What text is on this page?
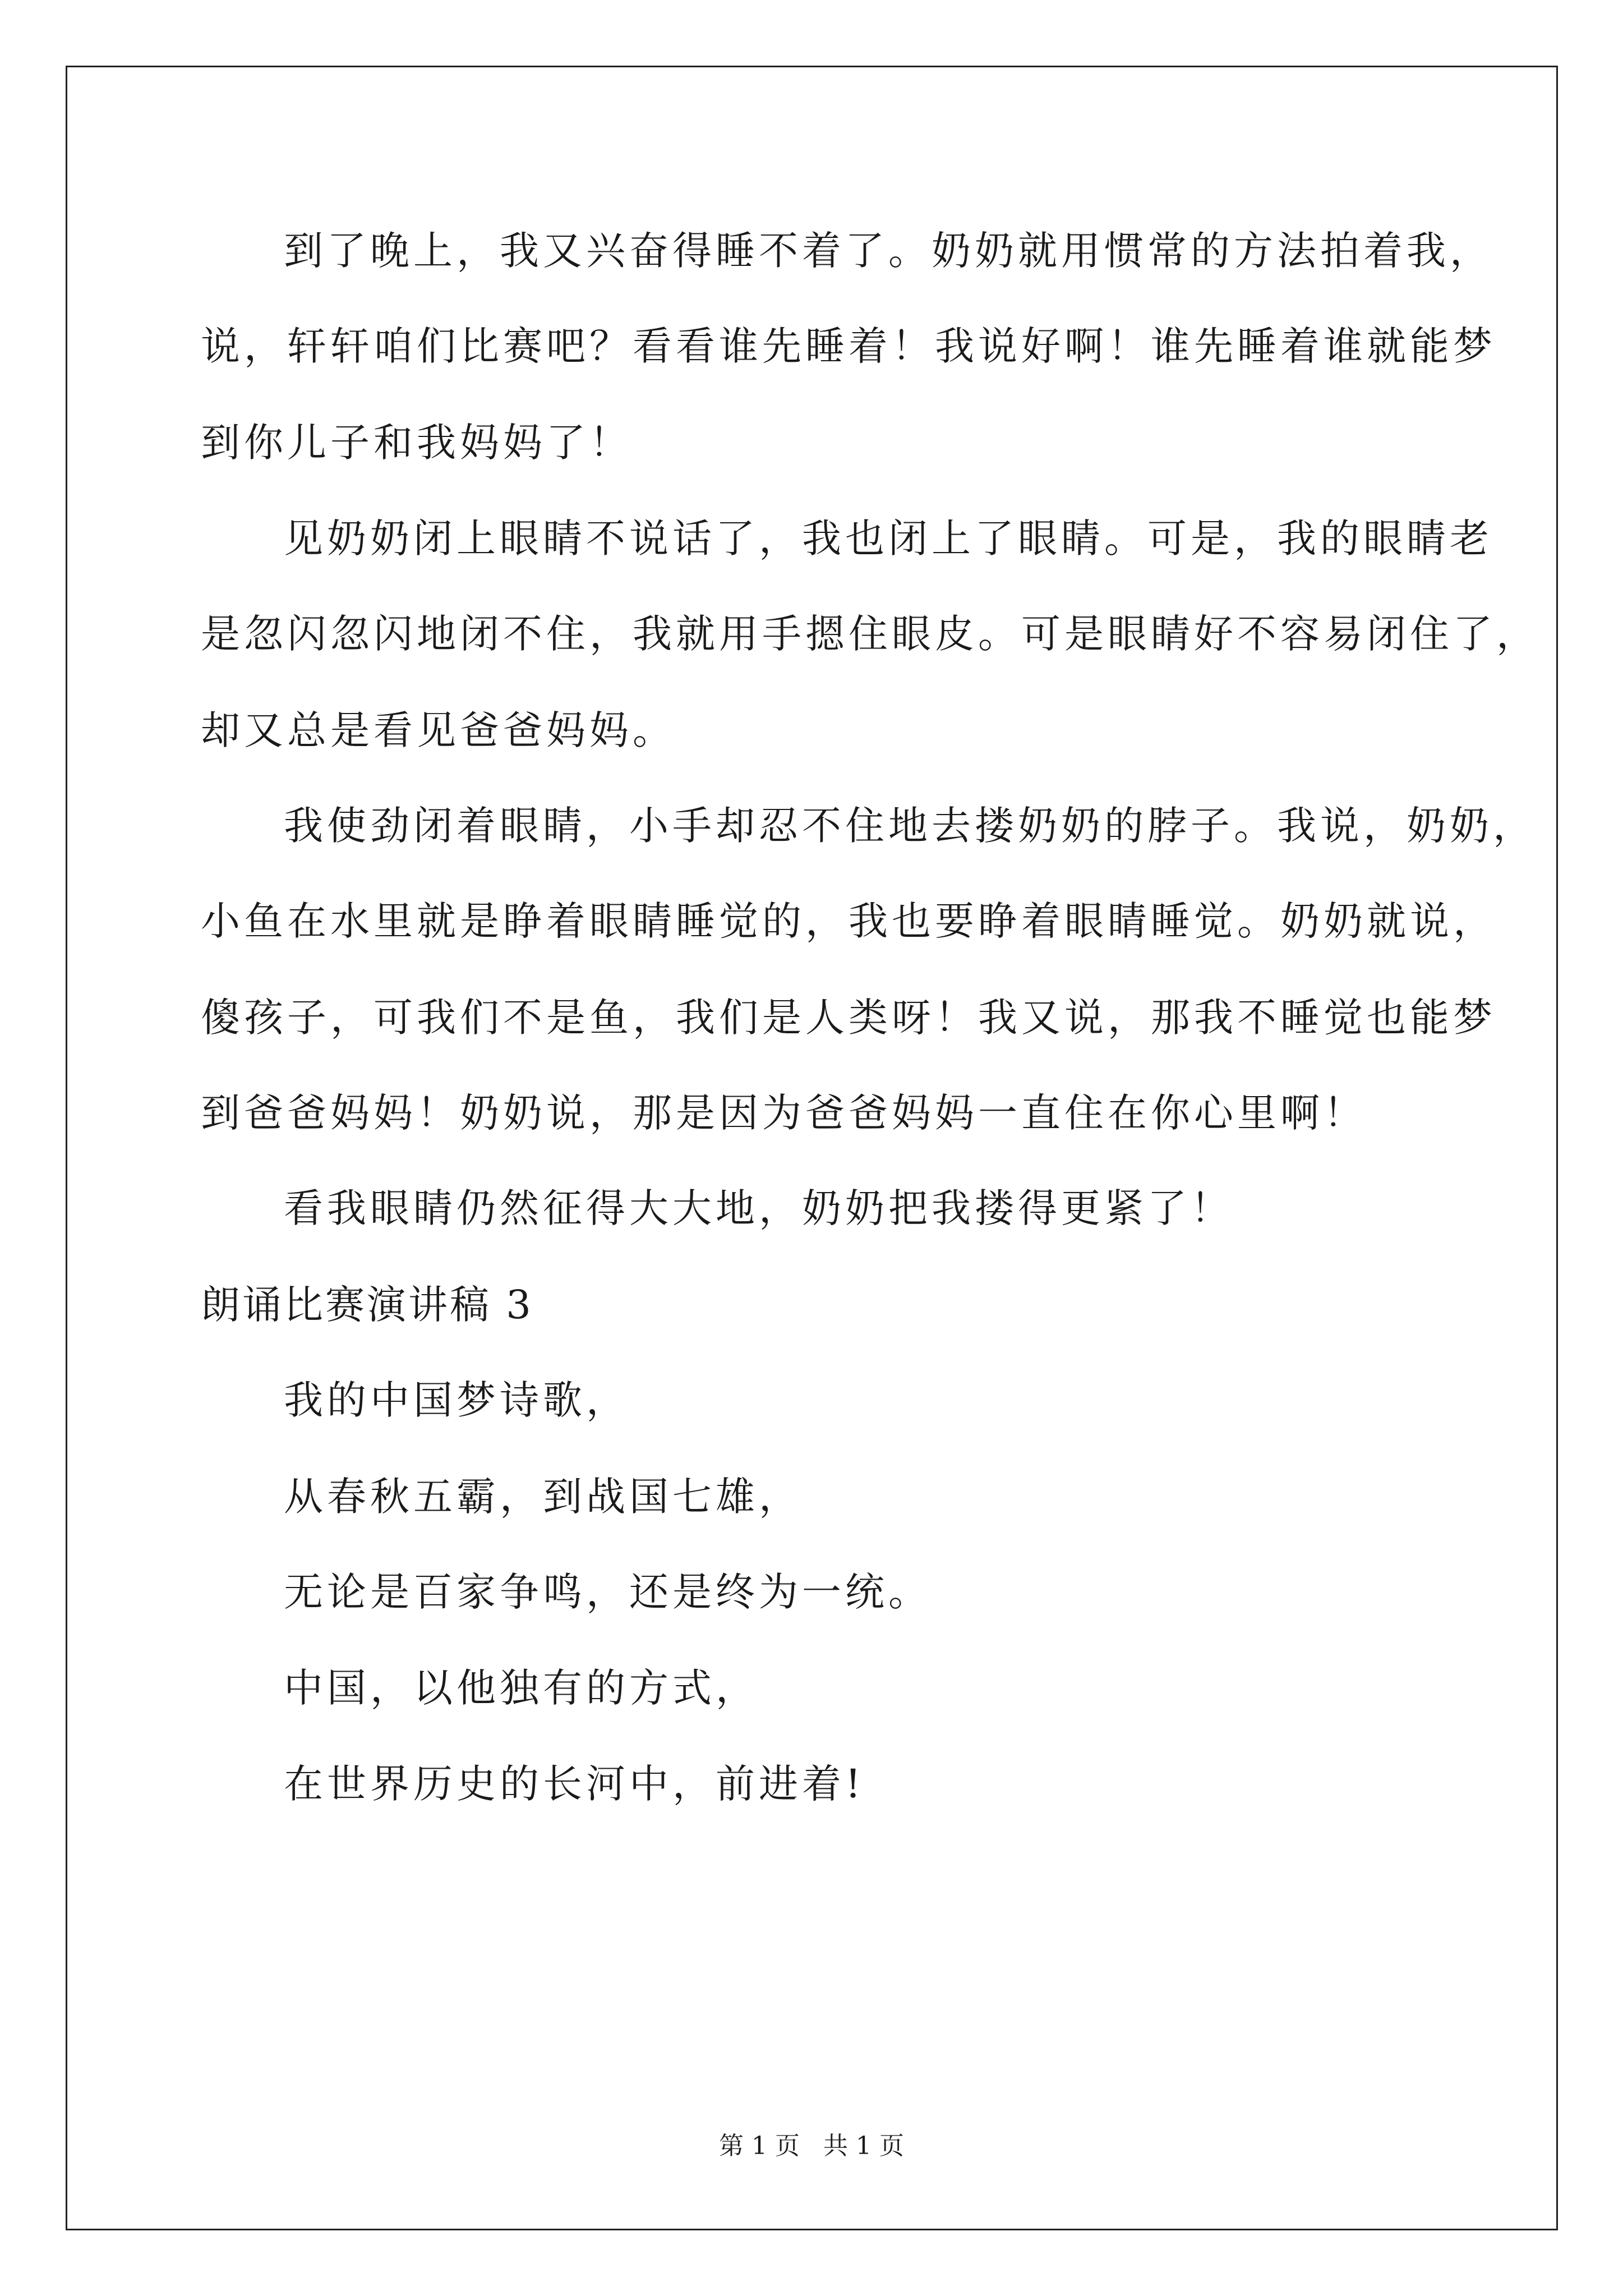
到了晚上，我又兴奋得睡不着了。奶奶就用惯常的方法拍着我，
说，轩轩咱们比赛吧？看看谁先睡着！我说好啊！谁先睡着谁就能梦
到你儿子和我妈妈了！
见奶奶闭上眼睛不说话了，我也闭上了眼睛。可是，我的眼睛老
是忽闪忽闪地闭不住，我就用手摁住眼皮。可是眼睛好不容易闭住了，
却又总是看见爸爸妈妈。
我使劲闭着眼睛，小手却忍不住地去搂奶奶的脖子。我说，奶奶，
小鱼在水里就是睁着眼睛睡觉的，我也要睁着眼睛睡觉。奶奶就说，
傻孩子，可我们不是鱼，我们是人类呀！我又说，那我不睡觉也能梦
到爸爸妈妈！奶奶说，那是因为爸爸妈妈一直住在你心里啊！
看我眼睛仍然征得大大地，奶奶把我搂得更紧了！
朗诵比赛演讲稿 3
我的中国梦诗歌，
从春秋五霸，到战国七雄，
无论是百家争鸣，还是终为一统。
中国，以他独有的方式，
在世界历史的长河中，前进着!
第 1 页 共 1 页
